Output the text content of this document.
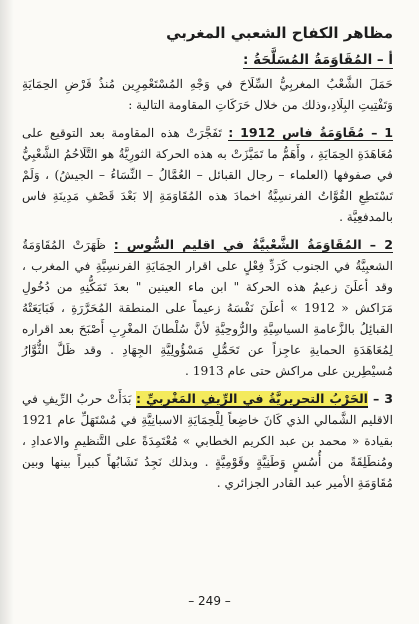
مظاهر الكفاح الشعبي المغربي
أ – المُقَاوَمَةُ المُسَلَّحَةُ :

حَمَلَ الشَّعْبُ المغربِيُّ السِّلَاحَ في وَجْهِ المُسْتَعْمِرِين مُنذُ فَرْضِ الحِمَايَةِ وَتَفْتِيتِ البِلَادِ،وذلك من خلال حَرَكَاتِ المقاومة التالية :

1 – مُقَاوَمَةُ فاس 1912 : تَفَجَّرَتْ هذه المقاومة بعد التوقيع على مُعَاهَدَةِ الحِمَايَةِ ، وأَهَمُّ ما تَمَيَّزَتْ به هذه الحركة الثورِيَّةُ هو التَّلَاحُمُ الشَّعْبِيُّ في صفوفها (العلماء – رجال القبائل – العُمَّالُ – النِّسَاءُ – الجيشُ) ، وَلَمْ تَسْتَطِعِ القُوَّاتُ الفرنسِيَّةُ اخمادَ هذه المُقَاوَمَةِ إلا بَعْدَ قَصْفِ مَدِينَةِ فاس بالمدفعِيَّة .

2 – المُقَاوَمَةُ الشَّعْبِيَّةُ في اقليم السُّوس : ظَهَرَتْ المُقَاوَمَةُ الشعبِيَّةُ في الجنوب كَرَدِّ فِعْلٍ على اقرار الحِمَايَةِ الفرنسِيَّةِ في المغرب ، وقد أعلَنَ زعيمُ هذه الحركة " ابن ماء العينين " بعدَ تَمَكُّنِهِ من دُخُولِ مَرَاكش « 1912 » أعلَنَ نَفْسَهُ زعيماً على المنطقة المُحَرَّرَةِ ، فَبَايَعَتْهُ القبائِلُ بالزَّعامةِ السياسِيَّةِ والرُّوحِيَّةِ لأنَّ سُلْطانَ المغْرِبِ أَصْبَحَ بعد اقراره لِمُعَاهَدَةِ الحمايةِ عاجِزاً عن تَحَمُّلِ مَسْؤُولِيَّةِ الجِهَادِ . وقد ظَلَّ الثُّوَّارُ مُسيْطِرين على مراكش حتى عام 1913 .

3 – الحَرْبُ التحريريَّةُ في الرِّيفِ المَغْرِبِيِّ : بَدَأَتْ حربُ الرِّيفِ في الاقليم الشَّمالي الذي كَانَ خاضِعاً لِلْحِمَايَةِ الاسبانِيَّةِ في مُسْتَهَلِّ عام 1921 بقيادة « محمد بن عبد الكريم الخطابي » مُعْتَمِدَةً على التَّنظيمِ والاعدادِ ، ومُنطَلِقَةً من أُسُسٍ وَطَنِيَّةٍ وقَوْمِيَّةٍ . وبذلك نَجِدُ تَشَابُهاً كبيراً بينها وبين مُقَاوَمَةِ الأمير عبد القادر الجزائري .

– 249 –
